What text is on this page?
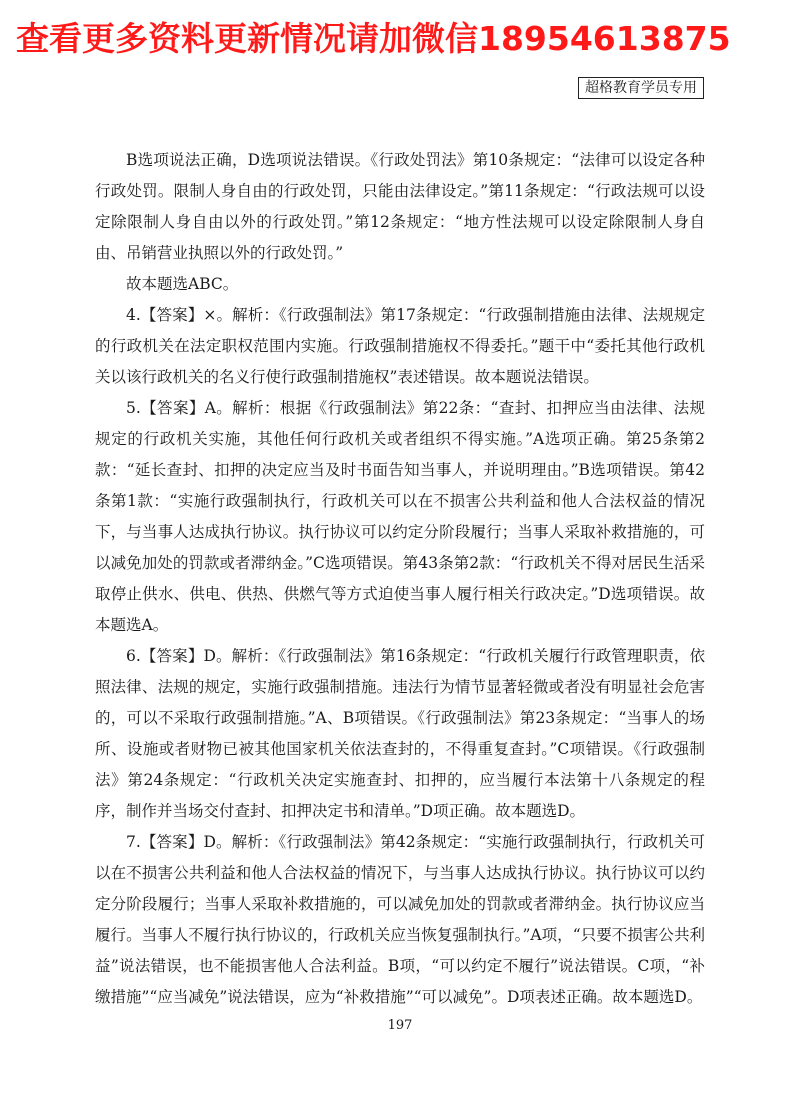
查看更多资料更新情况请加微信18954613875
超格教育学员专用

B选项说法正确，D选项说法错误。《行政处罚法》第10条规定：“法律可以设定各种行政处罚。限制人身自由的行政处罚，只能由法律设定。”第11条规定：“行政法规可以设定除限制人身自由以外的行政处罚。”第12条规定：“地方性法规可以设定除限制人身自由、吊销营业执照以外的行政处罚。”

故本题选ABC。

4.【答案】×。解析：《行政强制法》第17条规定：“行政强制措施由法律、法规规定的行政机关在法定职权范围内实施。行政强制措施权不得委托。”题干中“委托其他行政机关以该行政机关的名义行使行政强制措施权”表述错误。故本题说法错误。

5.【答案】A。解析：根据《行政强制法》第22条：“查封、扣押应当由法律、法规规定的行政机关实施，其他任何行政机关或者组织不得实施。”A选项正确。第25条第2款：“延长查封、扣押的决定应当及时书面告知当事人，并说明理由。”B选项错误。第42条第1款：“实施行政强制执行，行政机关可以在不损害公共利益和他人合法权益的情况下，与当事人达成执行协议。执行协议可以约定分阶段履行；当事人采取补救措施的，可以减免加处的罚款或者滞纳金。”C选项错误。第43条第2款：“行政机关不得对居民生活采取停止供水、供电、供热、供燃气等方式迫使当事人履行相关行政决定。”D选项错误。故本题选A。

6.【答案】D。解析：《行政强制法》第16条规定：“行政机关履行行政管理职责，依照法律、法规的规定，实施行政强制措施。违法行为情节显著轻微或者没有明显社会危害的，可以不采取行政强制措施。”A、B项错误。《行政强制法》第23条规定：“当事人的场所、设施或者财物已被其他国家机关依法查封的，不得重复查封。”C项错误。《行政强制法》第24条规定：“行政机关决定实施查封、扣押的，应当履行本法第十八条规定的程序，制作并当场交付查封、扣押决定书和清单。”D项正确。故本题选D。

7.【答案】D。解析：《行政强制法》第42条规定：“实施行政强制执行，行政机关可以在不损害公共利益和他人合法权益的情况下，与当事人达成执行协议。执行协议可以约定分阶段履行；当事人采取补救措施的，可以减免加处的罚款或者滞纳金。执行协议应当履行。当事人不履行执行协议的，行政机关应当恢复强制执行。”A项，“只要不损害公共利益”说法错误，也不能损害他人合法利益。B项，“可以约定不履行”说法错误。C项，“补缴措施”“应当减免”说法错误，应为“补救措施”“可以减免”。D项表述正确。故本题选D。

197
